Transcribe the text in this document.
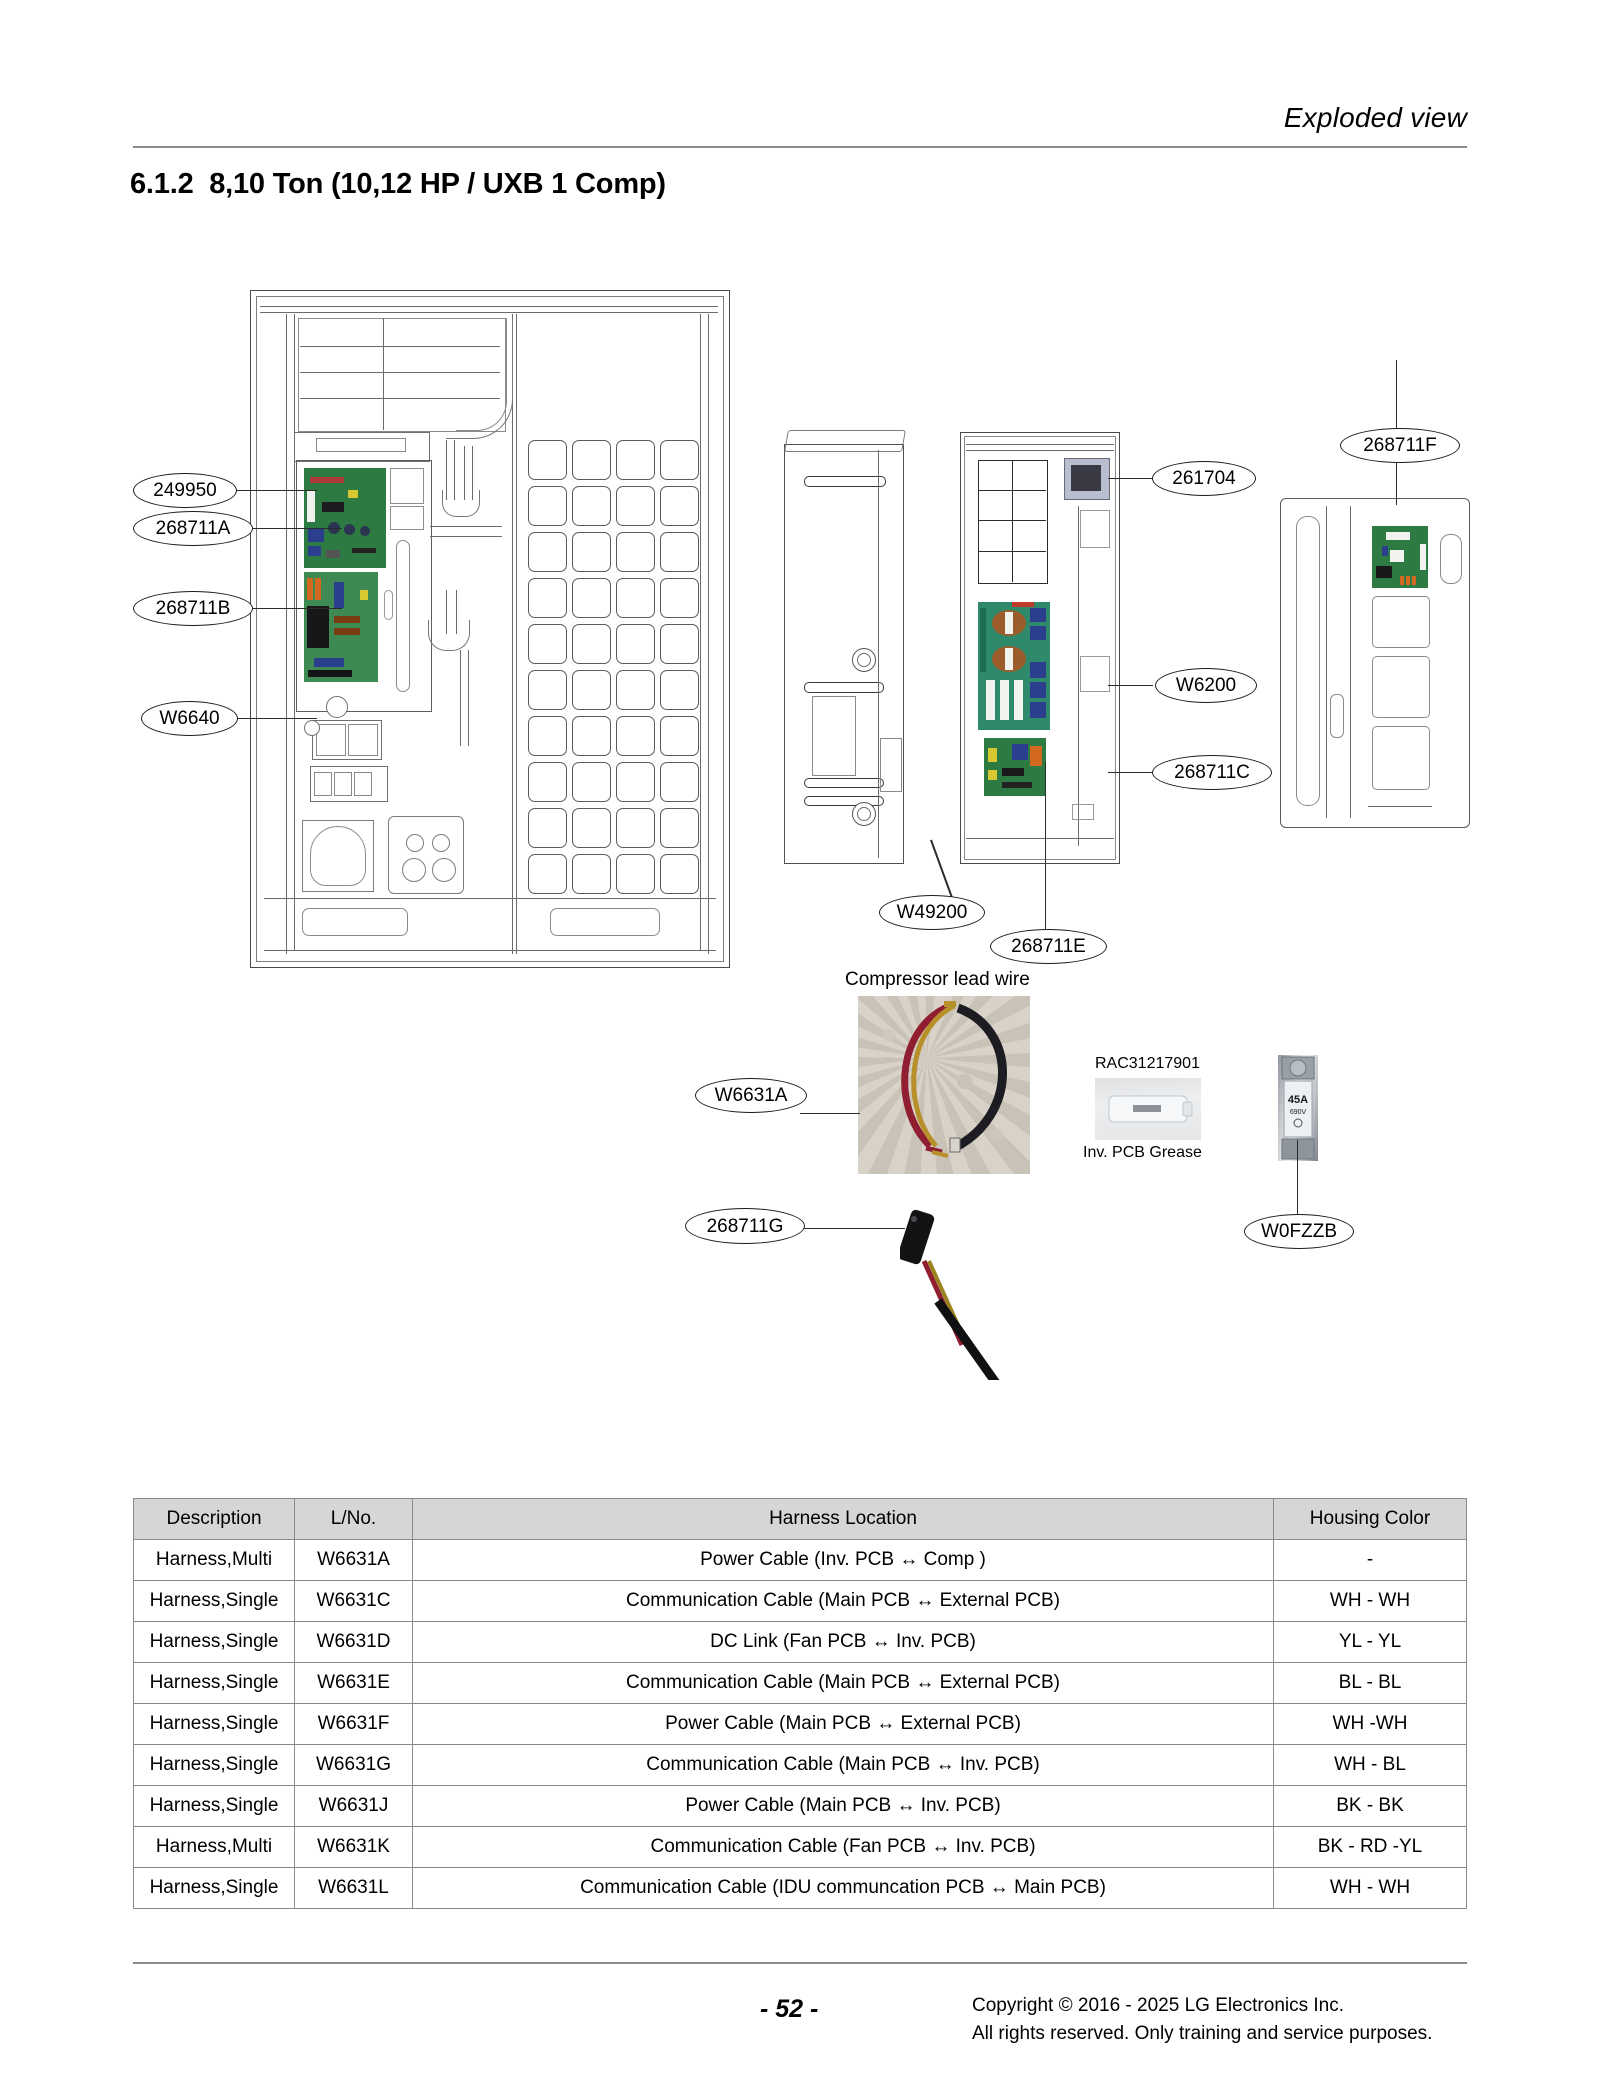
Exploded view
6.1.2 8,10 Ton (10,12 HP / UXB 1 Comp)
249950
268711A
268711B
W6640
261704
268711F
W6200
268711C
W49200
268711E
W6631A
268711G	W0FZZB
Compressor lead wire
RAC31217901
Inv. PCB Grease
45A
690V
Description	L/No.	Harness Location	Housing Color
Harness,Multi	W6631A	Power Cable (Inv. PCB ↔ Comp )	-
Harness,Single	W6631C	Communication Cable (Main PCB ↔ External PCB)	WH - WH
Harness,Single	W6631D	DC Link (Fan PCB ↔ Inv. PCB)	YL - YL
Harness,Single	W6631E	Communication Cable (Main PCB ↔ External PCB)	BL - BL
Harness,Single	W6631F	Power Cable (Main PCB ↔ External PCB)	WH -WH
Harness,Single	W6631G	Communication Cable (Main PCB ↔ Inv. PCB)	WH - BL
Harness,Single	W6631J	Power Cable (Main PCB ↔ Inv. PCB)	BK - BK
Harness,Multi	W6631K	Communication Cable (Fan PCB ↔ Inv. PCB)	BK - RD -YL
Harness,Single	W6631L	Communication Cable (IDU communcation PCB ↔ Main PCB)	WH - WH
- 52 -	Copyright © 2016 - 2025 LG Electronics Inc.
All rights reserved. Only training and service purposes.
